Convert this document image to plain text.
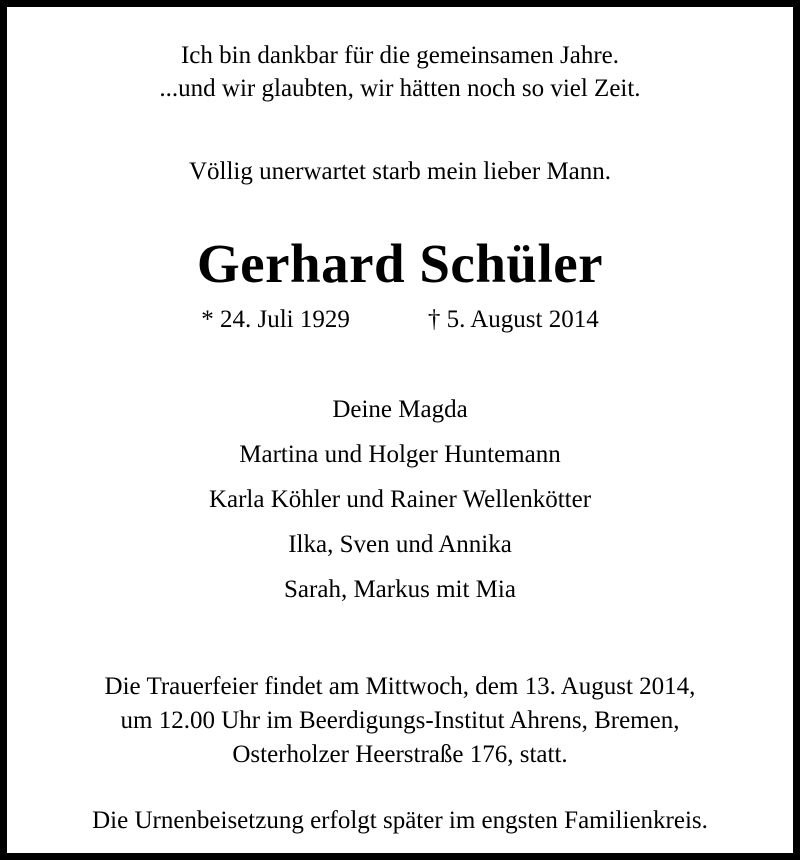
Ich bin dankbar für die gemeinsamen Jahre.
...und wir glaubten, wir hätten noch so viel Zeit.
Völlig unerwartet starb mein lieber Mann.
Gerhard Schüler
* 24. Juli 1929	† 5. August 2014
Deine Magda
Martina und Holger Huntemann
Karla Köhler und Rainer Wellenkötter
Ilka, Sven und Annika
Sarah, Markus mit Mia
Die Trauerfeier findet am Mittwoch, dem 13. August 2014,
um 12.00 Uhr im Beerdigungs-Institut Ahrens, Bremen,
Osterholzer Heerstraße 176, statt.
Die Urnenbeisetzung erfolgt später im engsten Familienkreis.
